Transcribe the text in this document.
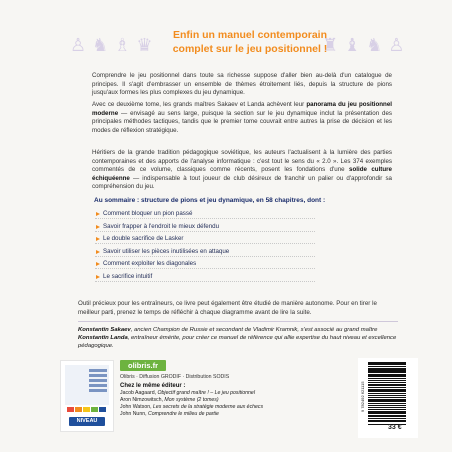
♙ ♞ ♗ ♛	♜ ♝ ♞ ♙
Enfin un manuel contemporain
complet sur le jeu positionnel !
Comprendre le jeu positionnel dans toute sa richesse suppose d'aller bien au-delà d'un catalogue de principes. Il s'agit d'embrasser un ensemble de thèmes étroitement liés, depuis la structure de pions jusqu'aux formes les plus complexes du jeu dynamique.
Avec ce deuxième tome, les grands maîtres Sakaev et Landa achèvent leur panorama du jeu positionnel moderne — envisagé au sens large, puisque la section sur le jeu dynamique inclut la présentation des principales méthodes tactiques, tandis que le premier tome couvrait entre autres la prise de décision et les modes de réflexion stratégique.
Héritiers de la grande tradition pédagogique soviétique, les auteurs l'actualisent à la lumière des parties contemporaines et des apports de l'analyse informatique : c'est tout le sens du « 2.0 ». Les 374 exemples commentés de ce volume, classiques comme récents, posent les fondations d'une solide culture échiquéenne — indispensable à tout joueur de club désireux de franchir un palier ou d'approfondir sa compréhension du jeu.
Au sommaire : structure de pions et jeu dynamique, en 58 chapitres, dont :
Comment bloquer un pion passé
Savoir frapper à l'endroit le mieux défendu
Le double sacrifice de Lasker
Savoir utiliser les pièces inutilisées en attaque
Comment exploiter les diagonales
Le sacrifice intuitif
Outil précieux pour les entraîneurs, ce livre peut également être étudié de manière autonome. Pour en tirer le meilleur parti, prenez le temps de réfléchir à chaque diagramme avant de lire la suite.
Konstantin Sakaev, ancien Champion de Russie et secondant de Vladimir Kramnik, s'est associé au grand maître Konstantin Landa, entraîneur émérite, pour créer ce manuel de référence qui allie expertise du haut niveau et excellence pédagogique.
NIVEAU
olibris.fr
Olibris · Diffusion GRODIF · Distribution SODIS
Chez le même éditeur :
Jacob Aagaard, Objectif grand maître ! – Le jeu positionnel
Aron Nimzowitsch, Mon système (2 tomes)
John Watson, Les secrets de la stratégie moderne aux échecs
John Nunn, Comprendre le milieu de partie
9 782492 621115
33 €
